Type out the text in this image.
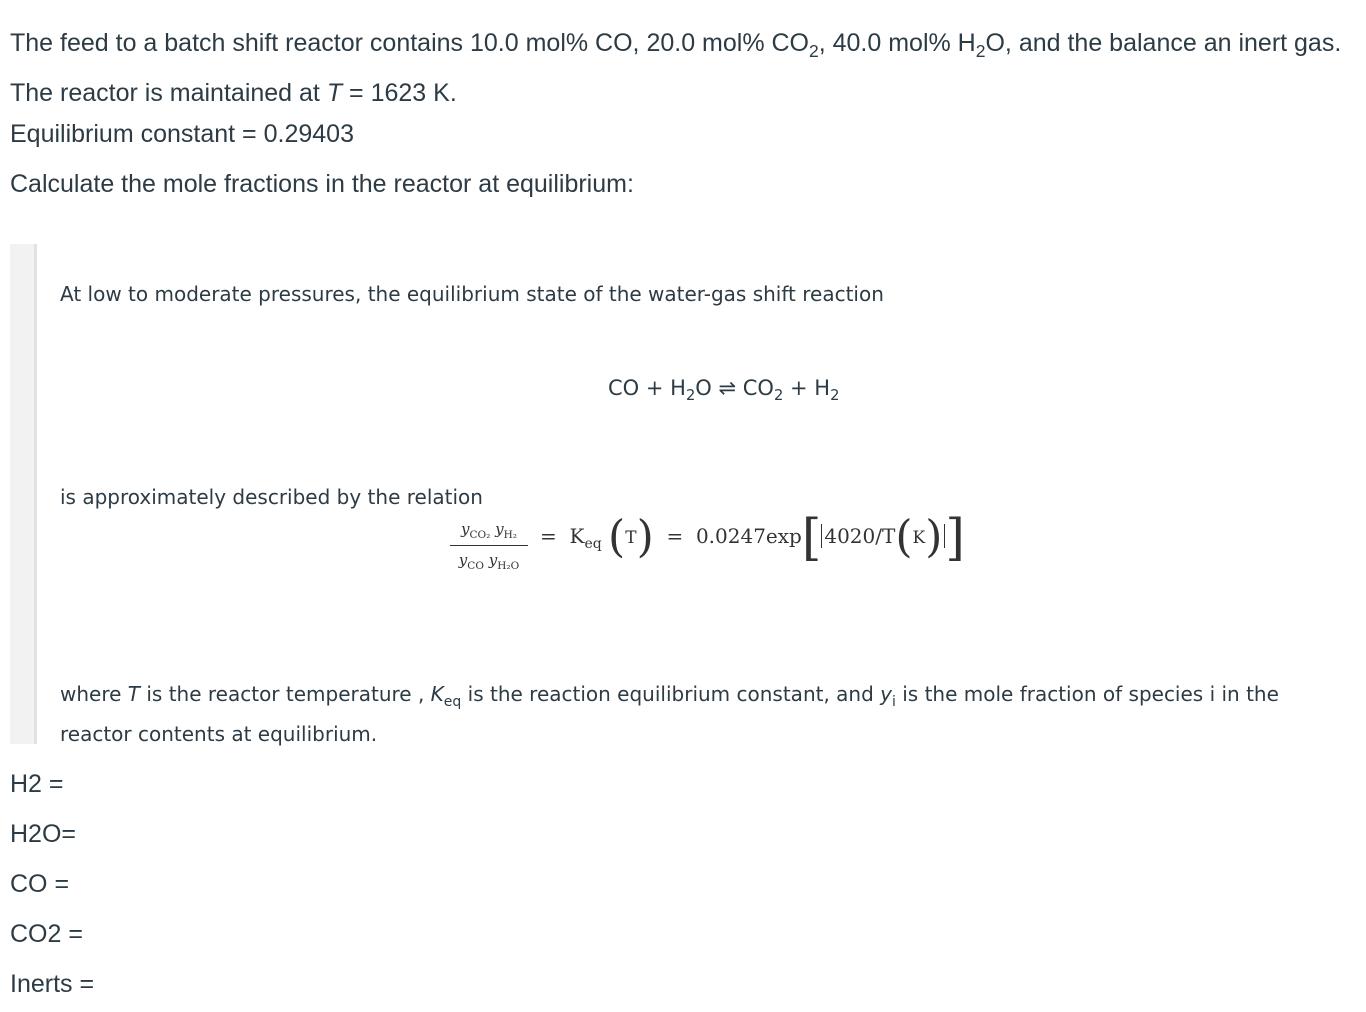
The feed to a batch shift reactor contains 10.0 mol% CO, 20.0 mol% $CO_2$, 40.0 mol% $H_2O$, and the balance an inert gas. The reactor is maintained at T = 1623 K.
Equilibrium constant = 0.29403
Calculate the mole fractions in the reactor at equilibrium:
At low to moderate pressures, the equilibrium state of the water-gas shift reaction
CO + $H_2O$ ⇌ $CO_2 + H_2$
is approximately described by the relation
$y_{CO_2}$ $y_{H_2}$
$y_{CO}$ $y_{H_2O}$
= $K_{eq}$ (T) = 0.0247exp[ 4020/T(K)]
where T is the reactor temperature , $K_{eq}$ is the reaction equilibrium constant, and $y_i$ is the mole fraction of species i in the reactor contents at equilibrium.
H2 =
H2O=
CO =
CO2 =
Inerts =
